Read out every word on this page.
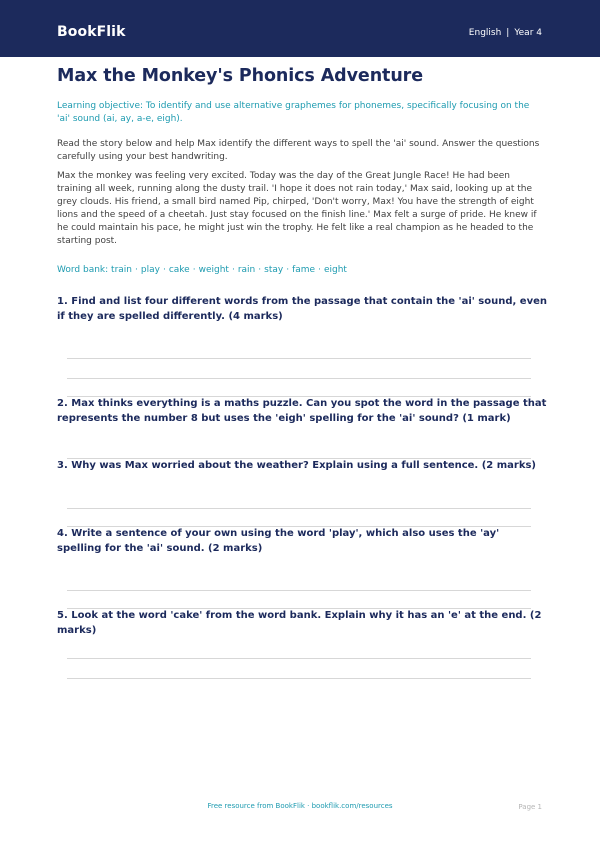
BookFlik	English | Year 4
Max the Monkey's Phonics Adventure
Learning objective: To identify and use alternative graphemes for phonemes, specifically focusing on the 'ai' sound (ai, ay, a-e, eigh).
Read the story below and help Max identify the different ways to spell the 'ai' sound. Answer the questions carefully using your best handwriting.
Max the monkey was feeling very excited. Today was the day of the Great Jungle Race! He had been training all week, running along the dusty trail. 'I hope it does not rain today,' Max said, looking up at the grey clouds. His friend, a small bird named Pip, chirped, 'Don't worry, Max! You have the strength of eight lions and the speed of a cheetah. Just stay focused on the finish line.' Max felt a surge of pride. He knew if he could maintain his pace, he might just win the trophy. He felt like a real champion as he headed to the starting post.
Word bank: train · play · cake · weight · rain · stay · fame · eight
1. Find and list four different words from the passage that contain the 'ai' sound, even if they are spelled differently. (4 marks)
2. Max thinks everything is a maths puzzle. Can you spot the word in the passage that represents the number 8 but uses the 'eigh' spelling for the 'ai' sound? (1 mark)
3. Why was Max worried about the weather? Explain using a full sentence. (2 marks)
4. Write a sentence of your own using the word 'play', which also uses the 'ay' spelling for the 'ai' sound. (2 marks)
5. Look at the word 'cake' from the word bank. Explain why it has an 'e' at the end. (2 marks)
Free resource from BookFlik · bookflik.com/resources	Page 1
